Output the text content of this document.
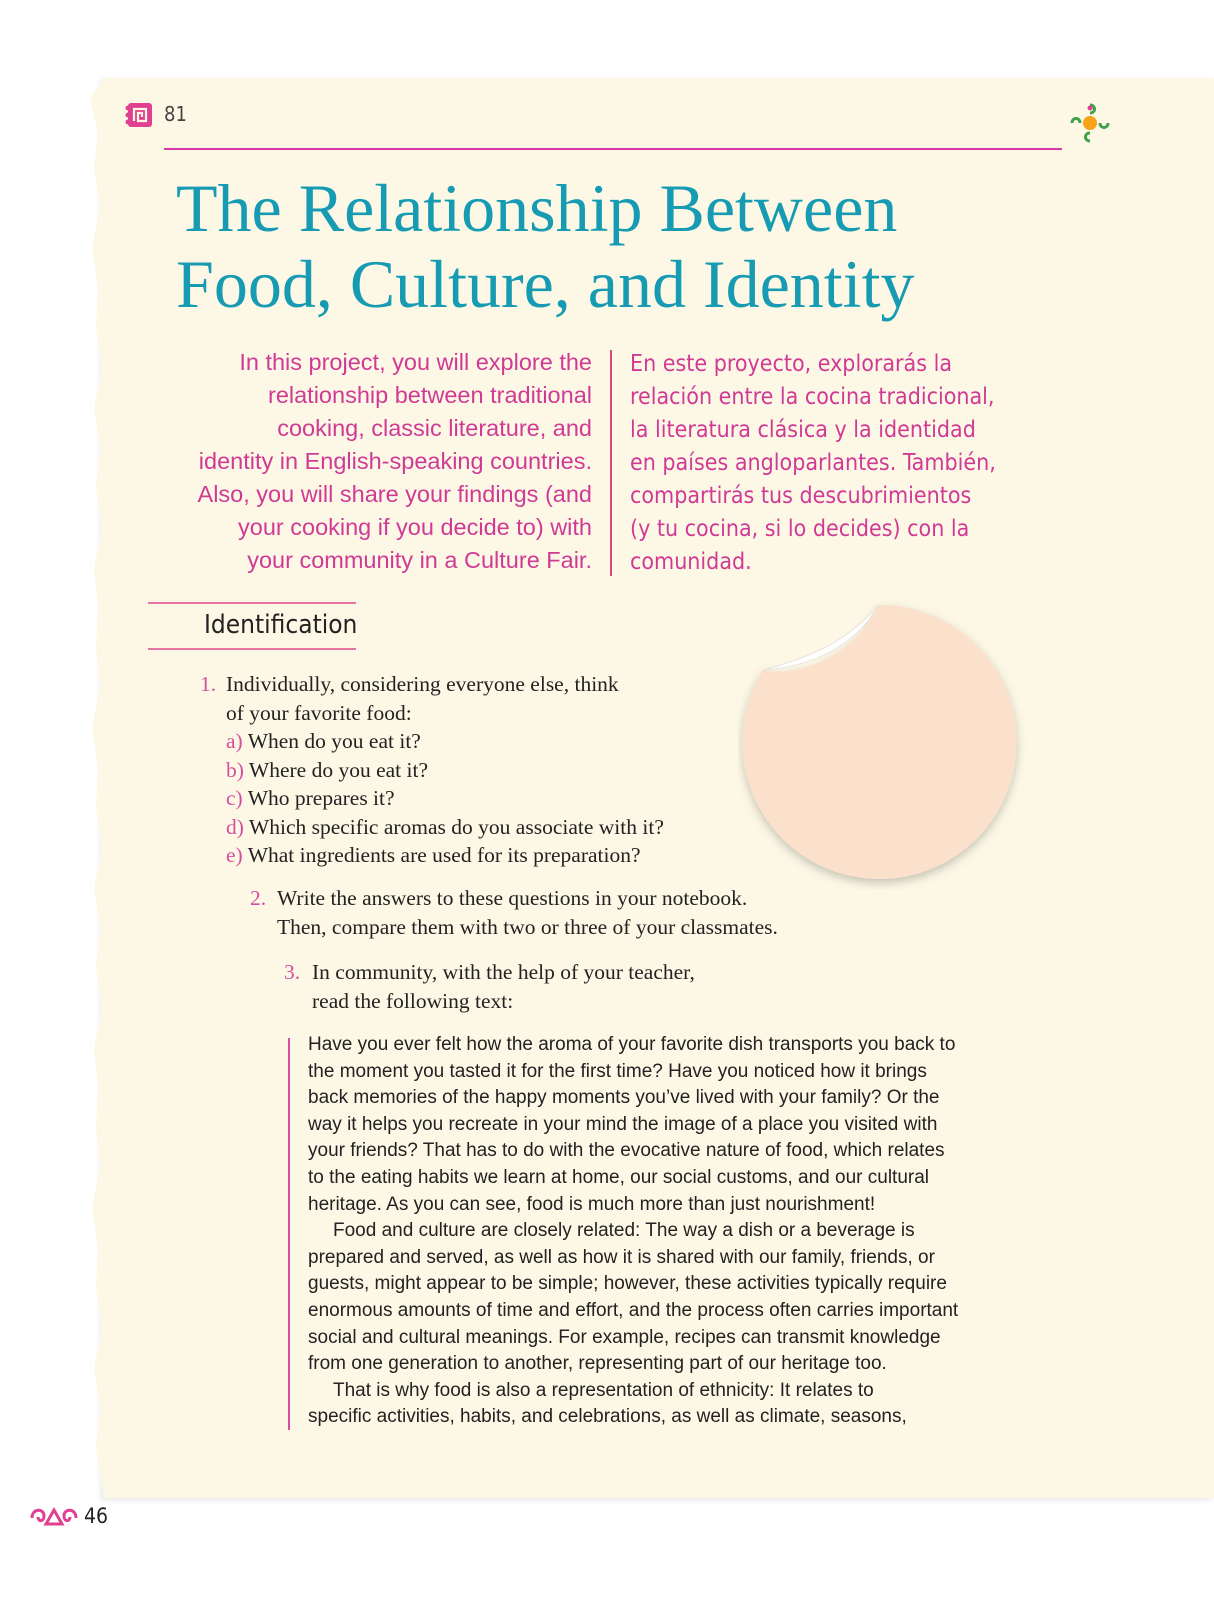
81
The Relationship Between
Food, Culture, and Identity
In this project, you will explore the
relationship between traditional
cooking, classic literature, and
identity in English-speaking countries.
Also, you will share your findings (and
your cooking if you decide to) with
your community in a Culture Fair.
En este proyecto, explorarás la
relación entre la cocina tradicional,
la literatura clásica y la identidad
en países angloparlantes. También,
compartirás tus descubrimientos
(y tu cocina, si lo decides) con la
comunidad.
Identification
1. Individually, considering everyone else, think
of your favorite food:
a) When do you eat it?
b) Where do you eat it?
c) Who prepares it?
d) Which specific aromas do you associate with it?
e) What ingredients are used for its preparation?
2. Write the answers to these questions in your notebook.
Then, compare them with two or three of your classmates.
3. In community, with the help of your teacher,
read the following text:

Have you ever felt how the aroma of your favorite dish transports you back to
the moment you tasted it for the first time? Have you noticed how it brings
back memories of the happy moments you’ve lived with your family? Or the
way it helps you recreate in your mind the image of a place you visited with
your friends? That has to do with the evocative nature of food, which relates
to the eating habits we learn at home, our social customs, and our cultural
heritage. As you can see, food is much more than just nourishment!

Food and culture are closely related: The way a dish or a beverage is
prepared and served, as well as how it is shared with our family, friends, or
guests, might appear to be simple; however, these activities typically require
enormous amounts of time and effort, and the process often carries important
social and cultural meanings. For example, recipes can transmit knowledge
from one generation to another, representing part of our heritage too.

That is why food is also a representation of ethnicity: It relates to
specific activities, habits, and celebrations, as well as climate, seasons,

46
